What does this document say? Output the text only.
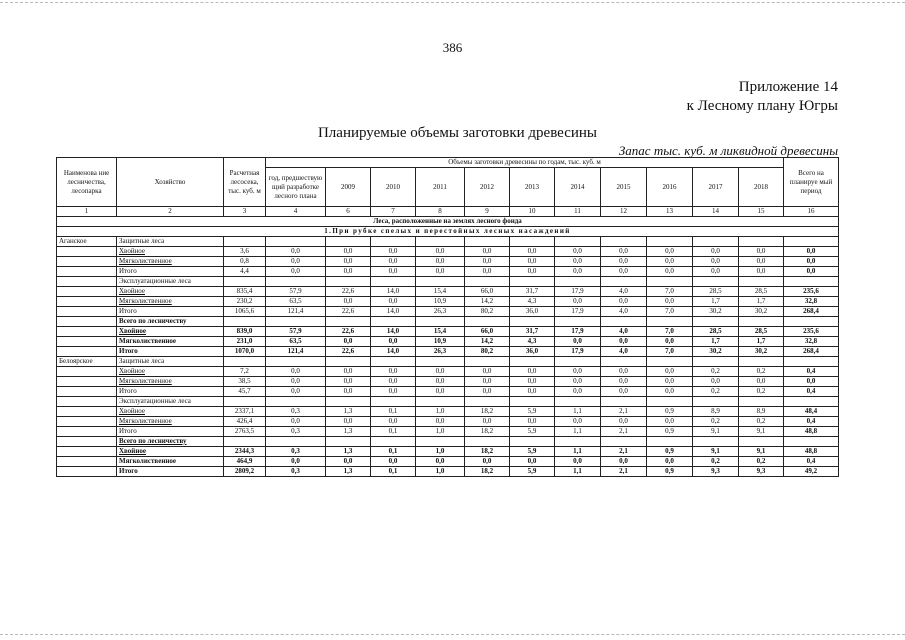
386
Приложение 14
к Лесному плану Югры
Планируемые объемы заготовки древесины
Запас тыс. куб. м ликвидной древесины
Наименова ние лесничества, лесопарка	Хозяйство	Расчетная лесосека, тыс. куб. м	Объемы заготовки древесины по годам, тыс. куб. м											Всего на планируе мый период
			год, предшествую щий разработке лесного плана	2009	2010	2011	2012	2013	2014	2015	2016	2017	2018	
1	2	3	4	6	7	8	9	10	11	12	13	14	15	16
Леса, расположенные на землях лесного фонда														
1.При рубке спелых и перестойных лесных насаждений														
Аганское	Защитные леса													
	Хвойное	3,6	0,0	0,0	0,0	0,0	0,0	0,0	0,0	0,0	0,0	0,0	0,0	0,0
	Мягколиственное	0,8	0,0	0,0	0,0	0,0	0,0	0,0	0,0	0,0	0,0	0,0	0,0	0,0
	Итого	4,4	0,0	0,0	0,0	0,0	0,0	0,0	0,0	0,0	0,0	0,0	0,0	0,0
	Эксплуатационные леса													
	Хвойное	835,4	57,9	22,6	14,0	15,4	66,0	31,7	17,9	4,0	7,0	28,5	28,5	235,6
	Мягколиственное	230,2	63,5	0,0	0,0	10,9	14,2	4,3	0,0	0,0	0,0	1,7	1,7	32,8
	Итого	1065,6	121,4	22,6	14,0	26,3	80,2	36,0	17,9	4,0	7,0	30,2	30,2	268,4
	Всего по лесничеству													
	Хвойное	839,0	57,9	22,6	14,0	15,4	66,0	31,7	17,9	4,0	7,0	28,5	28,5	235,6
	Мягколиственное	231,0	63,5	0,0	0,0	10,9	14,2	4,3	0,0	0,0	0,0	1,7	1,7	32,8
	Итого	1070,0	121,4	22,6	14,0	26,3	80,2	36,0	17,9	4,0	7,0	30,2	30,2	268,4
Белоярское	Защитные леса													
	Хвойное	7,2	0,0	0,0	0,0	0,0	0,0	0,0	0,0	0,0	0,0	0,2	0,2	0,4
	Мягколиственное	38,5	0,0	0,0	0,0	0,0	0,0	0,0	0,0	0,0	0,0	0,0	0,0	0,0
	Итого	45,7	0,0	0,0	0,0	0,0	0,0	0,0	0,0	0,0	0,0	0,2	0,2	0,4
	Эксплуатационные леса													
	Хвойное	2337,1	0,3	1,3	0,1	1,0	18,2	5,9	1,1	2,1	0,9	8,9	8,9	48,4
	Мягколиственное	426,4	0,0	0,0	0,0	0,0	0,0	0,0	0,0	0,0	0,0	0,2	0,2	0,4
	Итого	2763,5	0,3	1,3	0,1	1,0	18,2	5,9	1,1	2,1	0,9	9,1	9,1	48,8
	Всего по лесничеству													
	Хвойное	2344,3	0,3	1,3	0,1	1,0	18,2	5,9	1,1	2,1	0,9	9,1	9,1	48,8
	Мягколиственное	464,9	0,0	0,0	0,0	0,0	0,0	0,0	0,0	0,0	0,0	0,2	0,2	0,4
	Итого	2809,2	0,3	1,3	0,1	1,0	18,2	5,9	1,1	2,1	0,9	9,3	9,3	49,2
